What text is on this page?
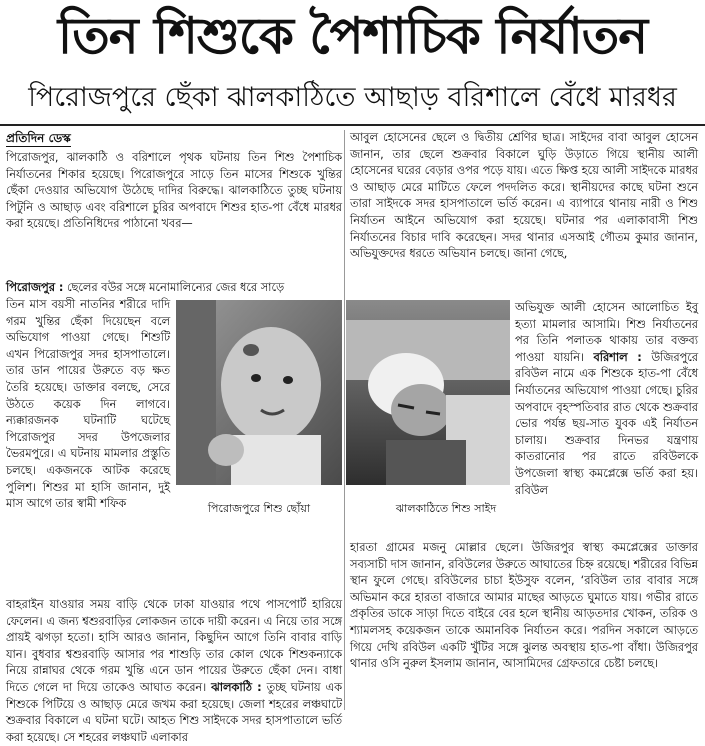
তিন শিশুকে পৈশাচিক নির্যাতন
পিরোজপুরে ছেঁকা ঝালকাঠিতে আছাড় বরিশালে বেঁধে মারধর
প্রতিদিন ডেস্ক

পিরোজপুর, ঝালকাঠি ও বরিশালে পৃথক ঘটনায় তিন শিশু পৈশাচিক নির্যাতনের শিকার হয়েছে। পিরোজপুরে সাড়ে তিন মাসের শিশুকে খুন্তির ছেঁকা দেওয়ার অভিযোগ উঠেছে দাদির বিরুদ্ধে। ঝালকাঠিতে তুচ্ছ ঘটনায় পিটুনি ও আছাড় এবং বরিশালে চুরির অপবাদে শিশুর হাত-পা বেঁধে মারধর করা হয়েছে। প্রতিনিধিদের পাঠানো খবর—

পিরোজপুর : ছেলের বউর সঙ্গে মনোমালিন্যের জের ধরে সাড়ে

তিন মাস বয়সী নাতনির শরীরে দাদি গরম খুন্তির ছেঁকা দিয়েছেন বলে অভিযোগ পাওয়া গেছে। শিশুটি এখন পিরোজপুর সদর হাসপাতালে। তার ডান পায়ের উরুতে বড় ক্ষত তৈরি হয়েছে। ডাক্তার বলছে, সেরে উঠতে কয়েক দিন লাগবে। ন্যক্কারজনক ঘটনাটি ঘটেছে পিরোজপুর সদর উপজেলার ভৈরমপুরে। এ ঘটনায় মামলার প্রস্তুতি চলছে। একজনকে আটক করেছে পুলিশ। শিশুর মা হাসি জানান, দুই মাস আগে তার স্বামী শফিক

বাহরাইন যাওয়ার সময় বাড়ি থেকে ঢাকা যাওয়ার পথে পাসপোর্ট হারিয়ে ফেলেন। এ জন্য শ্বশুরবাড়ির লোকজন তাকে দায়ী করেন। এ নিয়ে তার সঙ্গে প্রায়ই ঝগড়া হতো। হাসি আরও জানান, কিছুদিন আগে তিনি বাবার বাড়ি যান। বুধবার শ্বশুরবাড়ি আসার পর শাশুড়ি তার কোল থেকে শিশুকন্যাকে নিয়ে রান্নাঘর থেকে গরম খুন্তি এনে ডান পায়ের উরুতে ছেঁকা দেন। বাধা দিতে গেলে দা দিয়ে তাকেও আঘাত করেন। ঝালকাঠি : তুচ্ছ ঘটনায় এক শিশুকে পিটিয়ে ও আছাড় মেরে জখম করা হয়েছে। জেলা শহরের লঞ্চঘাটে শুক্রবার বিকালে এ ঘটনা ঘটে। আহত শিশু সাইদকে সদর হাসপাতালে ভর্তি করা হয়েছে। সে শহরের লঞ্চঘাট এলাকার

পিরোজপুরে শিশু ছোঁয়া	ঝালকাঠিতে শিশু সাইদ

আবুল হোসেনের ছেলে ও দ্বিতীয় শ্রেণির ছাত্র। সাইদের বাবা আবুল হোসেন জানান, তার ছেলে শুক্রবার বিকালে ঘুড়ি উড়াতে গিয়ে স্থানীয় আলী হোসেনের ঘরের বেড়ার ওপর পড়ে যায়। এতে ক্ষিপ্ত হয়ে আলী সাইদকে মারধর ও আছাড় মেরে মাটিতে ফেলে পদদলিত করে। স্থানীয়দের কাছে ঘটনা শুনে তারা সাইদকে সদর হাসপাতালে ভর্তি করেন। এ ব্যাপারে থানায় নারী ও শিশু নির্যাতন আইনে অভিযোগ করা হয়েছে। ঘটনার পর এলাকাবাসী শিশু নির্যাতনের বিচার দাবি করেছেন। সদর থানার এসআই গৌতম কুমার জানান, অভিযুক্তদের ধরতে অভিযান চলছে। জানা গেছে,

অভিযুক্ত আলী হোসেন আলোচিত ইবু হত্যা মামলার আসামি। শিশু নির্যাতনের পর তিনি পলাতক থাকায় তার বক্তব্য পাওয়া যায়নি। বরিশাল : উজিরপুরে রবিউল নামে এক শিশুকে হাত-পা বেঁধে নির্যাতনের অভিযোগ পাওয়া গেছে। চুরির অপবাদে বৃহস্পতিবার রাত থেকে শুক্রবার ভোর পর্যন্ত ছয়-সাত যুবক এই নির্যাতন চালায়। শুক্রবার দিনভর যন্ত্রণায় কাতরানোর পর রাতে রবিউলকে উপজেলা স্বাস্থ্য কমপ্লেক্সে ভর্তি করা হয়। রবিউল

হারতা গ্রামের মজনু মোল্লার ছেলে। উজিরপুর স্বাস্থ্য কমপ্লেক্সের ডাক্তার সব্যসাচী দাস জানান, রবিউলের উরুতে আঘাতের চিহ্ন রয়েছে। শরীরের বিভিন্ন স্থান ফুলে গেছে। রবিউলের চাচা ইউসুফ বলেন, ‘রবিউল তার বাবার সঙ্গে অভিমান করে হারতা বাজারে আমার মাছের আড়তে ঘুমাতে যায়। গভীর রাতে প্রকৃতির ডাকে সাড়া দিতে বাইরে বের হলে স্থানীয় আড়তদার খোকন, তরিক ও শ্যামলসহ কয়েকজন তাকে অমানবিক নির্যাতন করে। পরদিন সকালে আড়তে গিয়ে দেখি রবিউল একটি খুঁটির সঙ্গে ঝুলন্ত অবস্থায় হাত-পা বাঁধা। উজিরপুর থানার ওসি নুরুল ইসলাম জানান, আসামিদের গ্রেফতারে চেষ্টা চলছে।
